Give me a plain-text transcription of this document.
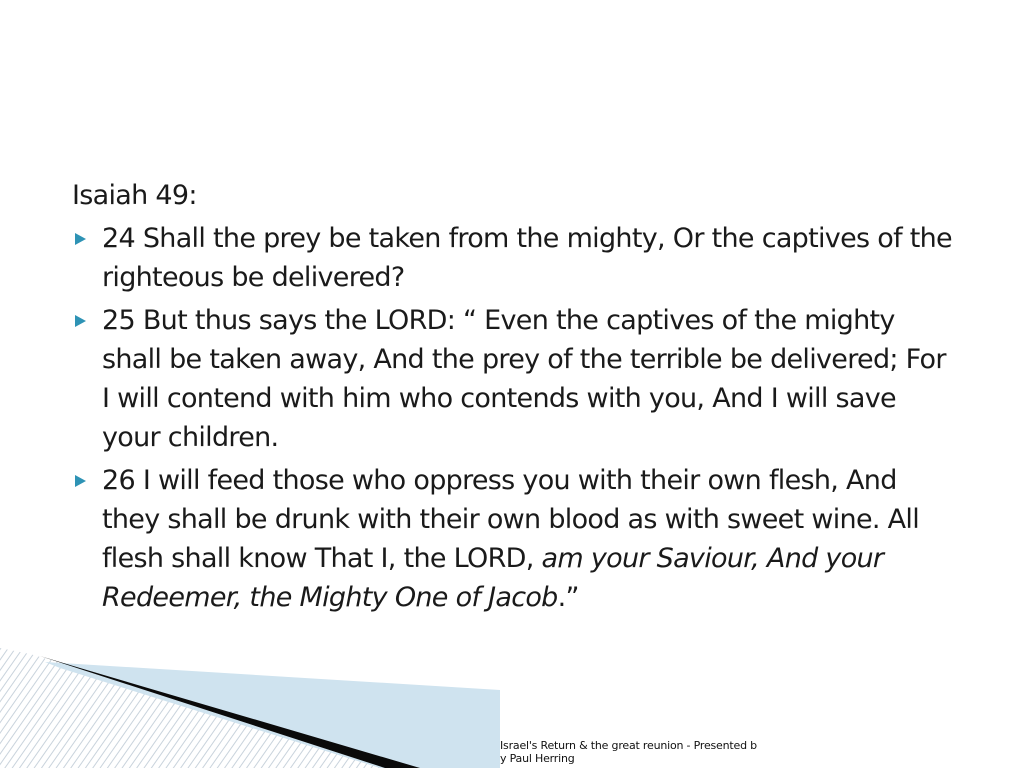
Isaiah 49:
24 Shall the prey be taken from the mighty, Or the captives of the righteous be delivered?
25 But thus says the LORD: “ Even the captives of the mighty shall be taken away, And the prey of the terrible be delivered; For I will contend with him who contends with you, And I will save your children.
26 I will feed those who oppress you with their own flesh, And they shall be drunk with their own blood as with sweet wine. All flesh shall know That I, the LORD, am your Saviour, And your Redeemer, the Mighty One of Jacob.”
Israel's Return & the great reunion - Presented by Paul Herring
